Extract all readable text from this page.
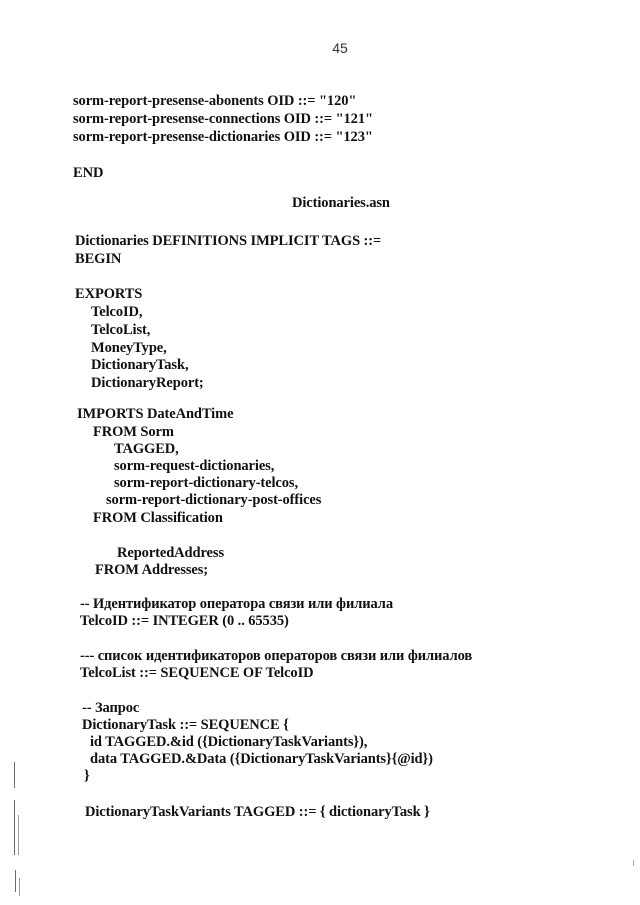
45
sorm-report-presense-abonents OID ::= "120"
sorm-report-presense-connections OID ::= "121"
sorm-report-presense-dictionaries OID ::= "123"
END
Dictionaries.asn
Dictionaries DEFINITIONS IMPLICIT TAGS ::=
BEGIN
EXPORTS
TelcoID,
TelcoList,
MoneyType,
DictionaryTask,
DictionaryReport;
IMPORTS DateAndTime
FROM Sorm
TAGGED,
sorm-request-dictionaries,
sorm-report-dictionary-telcos,
sorm-report-dictionary-post-offices
FROM Classification
ReportedAddress
FROM Addresses;
-- Идентификатор оператора связи или филиала
TelcoID ::= INTEGER (0 .. 65535)
--- список идентификаторов операторов связи или филиалов
TelcoList ::= SEQUENCE OF TelcoID
-- Запрос
DictionaryTask ::= SEQUENCE {
id TAGGED.&id ({DictionaryTaskVariants}),
data TAGGED.&Data ({DictionaryTaskVariants}{@id})
}
DictionaryTaskVariants TAGGED ::= { dictionaryTask }
